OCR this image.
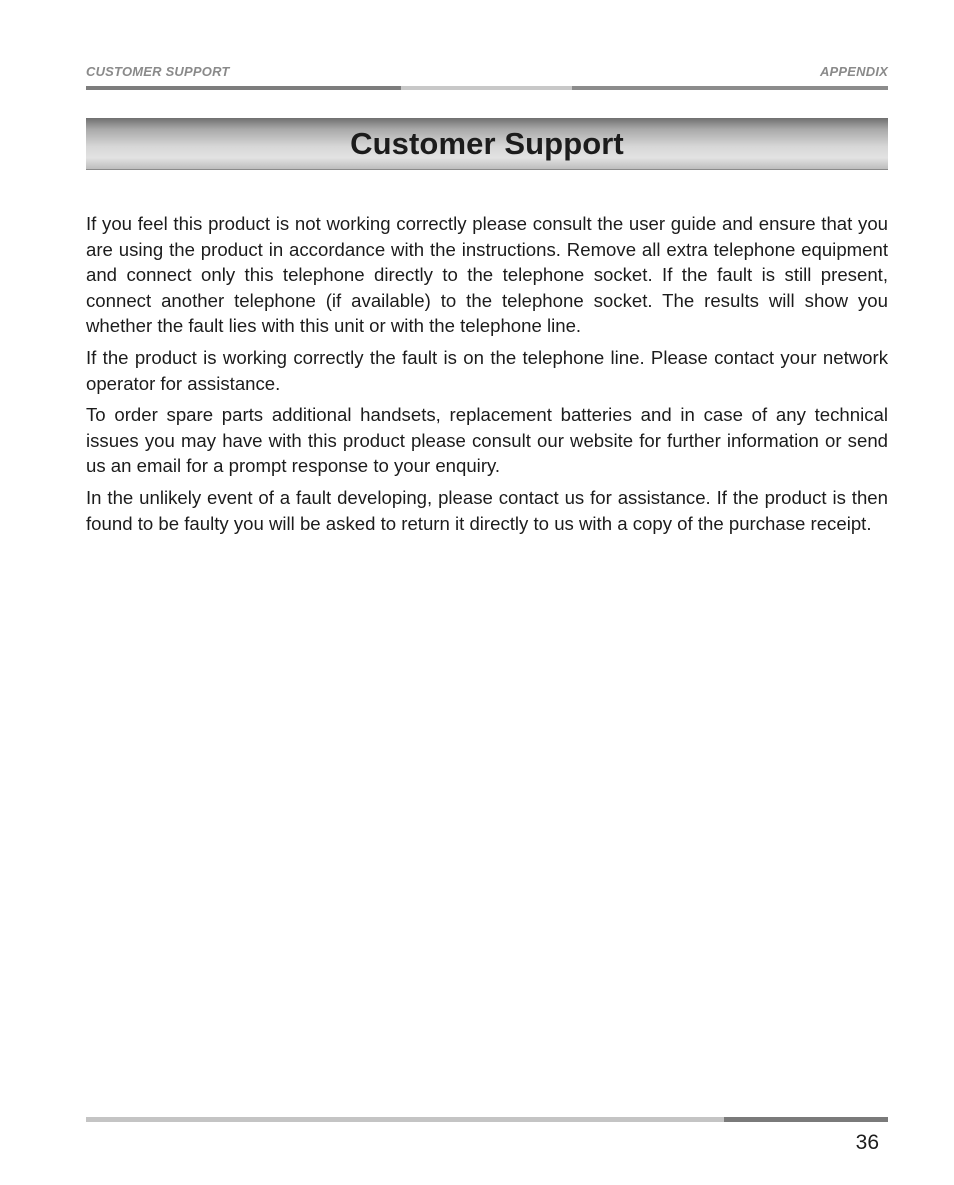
CUSTOMER SUPPORT	APPENDIX
Customer Support

If you feel this product is not working correctly please consult the user guide and ensure that you are using the product in accordance with the instructions. Remove all extra telephone equipment and connect only this telephone directly to the telephone socket. If the fault is still present, connect another telephone (if available) to the telephone socket. The results will show you whether the fault lies with this unit or with the telephone line.

If the product is working correctly the fault is on the telephone line. Please contact your network operator for assistance.

To order spare parts additional handsets, replacement batteries and in case of any technical issues you may have with this product please consult our website for further information or send us an email for a prompt response to your enquiry.

In the unlikely event of a fault developing, please contact us for assistance. If the product is then found to be faulty you will be asked to return it directly to us with a copy of the purchase receipt.

36
